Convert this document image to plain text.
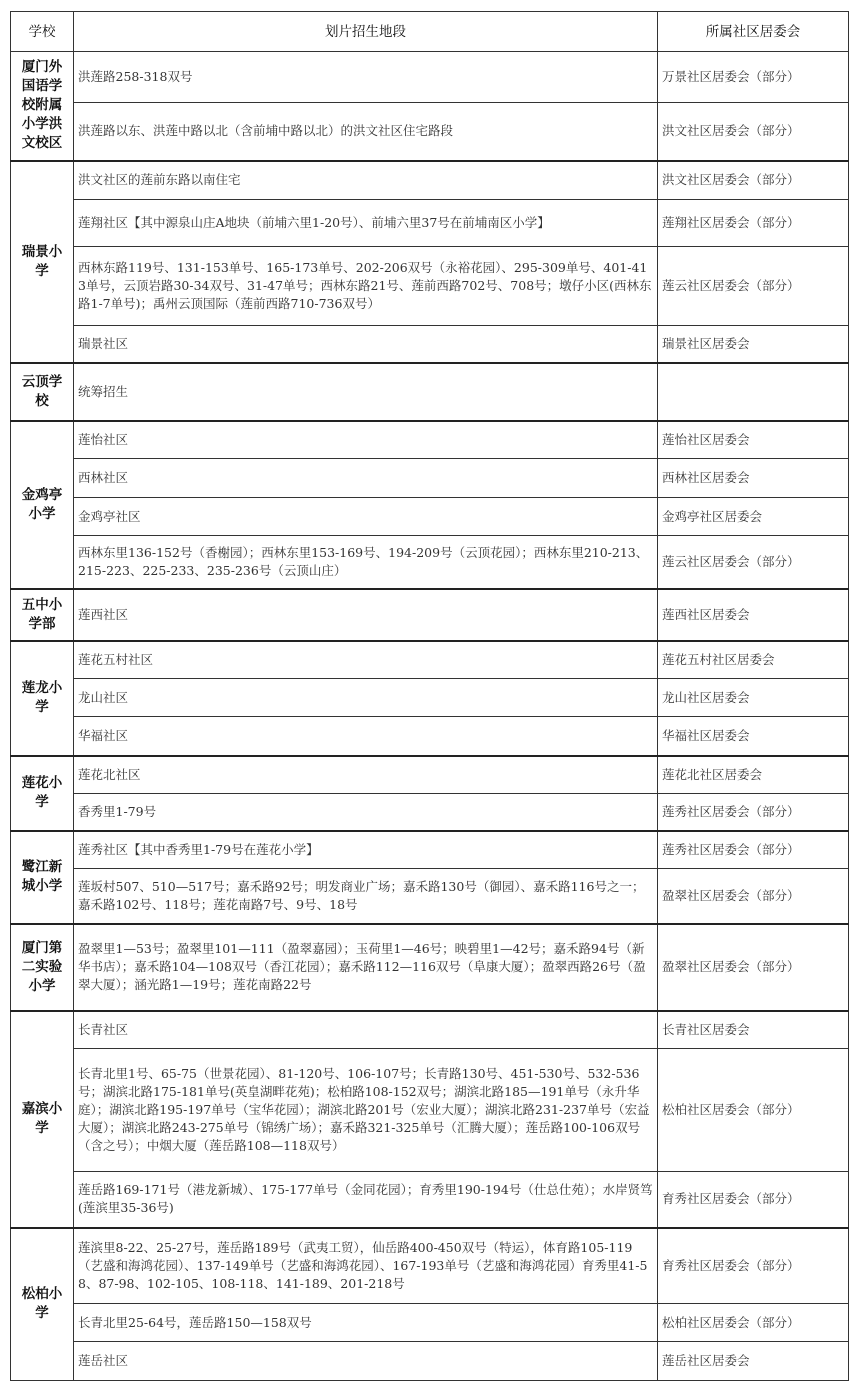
学校	划片招生地段	所属社区居委会
厦门外国语学校附属小学洪文校区	洪莲路258-318双号	万景社区居委会（部分）
	洪莲路以东、洪莲中路以北（含前埔中路以北）的洪文社区住宅路段	洪文社区居委会（部分）
瑞景小学	洪文社区的莲前东路以南住宅	洪文社区居委会（部分）
	莲翔社区【其中源泉山庄A地块（前埔六里1-20号）、前埔六里37号在前埔南区小学】	莲翔社区居委会（部分）
	西林东路119号、131-153单号、165-173单号、202-206双号（永裕花园）、295-309单号、401-413单号，云顶岩路30-34双号、31-47单号；西林东路21号、莲前西路702号、708号；墩仔小区(西林东路1-7单号)；禹州云顶国际（莲前西路710-736双号）	莲云社区居委会（部分）
	瑞景社区	瑞景社区居委会
云顶学校	统筹招生	
金鸡亭小学	莲怡社区	莲怡社区居委会
	西林社区	西林社区居委会
	金鸡亭社区	金鸡亭社区居委会
	西林东里136-152号（香榭园）；西林东里153-169号、194-209号（云顶花园）；西林东里210-213、215-223、225-233、235-236号（云顶山庄）	莲云社区居委会（部分）
五中小学部	莲西社区	莲西社区居委会
莲龙小学	莲花五村社区	莲花五村社区居委会
	龙山社区	龙山社区居委会
	华福社区	华福社区居委会
莲花小学	莲花北社区	莲花北社区居委会
	香秀里1-79号	莲秀社区居委会（部分）
鹭江新城小学	莲秀社区【其中香秀里1-79号在莲花小学】	莲秀社区居委会（部分）
	莲坂村507、510—517号；嘉禾路92号；明发商业广场；嘉禾路130号（御园）、嘉禾路116号之一；嘉禾路102号、118号；莲花南路7号、9号、18号	盈翠社区居委会（部分）
厦门第二实验小学	盈翠里1—53号；盈翠里101—111（盈翠嘉园）；玉荷里1—46号；映碧里1—42号；嘉禾路94号（新华书店）；嘉禾路104—108双号（香江花园）；嘉禾路112—116双号（阜康大厦）；盈翠西路26号（盈翠大厦）；涵光路1—19号；莲花南路22号	盈翠社区居委会（部分）
嘉滨小学	长青社区	长青社区居委会
	长青北里1号、65-75（世景花园）、81-120号、106-107号；长青路130号、451-530号、532-536号；湖滨北路175-181单号(英皇湖畔花苑)；松柏路108-152双号；湖滨北路185—191单号（永升华庭）；湖滨北路195-197单号（宝华花园）；湖滨北路201号（宏业大厦）；湖滨北路231-237单号（宏益大厦）；湖滨北路243-275单号（锦绣广场）；嘉禾路321-325单号（汇腾大厦）；莲岳路100-106双号（含之号）；中烟大厦（莲岳路108—118双号）	松柏社区居委会（部分）
	莲岳路169-171号（港龙新城）、175-177单号（金同花园）；育秀里190-194号（仕总仕苑）；水岸贤笃(莲滨里35-36号)	育秀社区居委会（部分）
松柏小学	莲滨里8-22、25-27号，莲岳路189号（武夷工贸），仙岳路400-450双号（特运），体育路105-119（艺盛和海鸿花园）、137-149单号（艺盛和海鸿花园）、167-193单号（艺盛和海鸿花园）育秀里41-58、87-98、102-105、108-118、141-189、201-218号	育秀社区居委会（部分）
	长青北里25-64号，莲岳路150—158双号	松柏社区居委会（部分）
	莲岳社区	莲岳社区居委会
